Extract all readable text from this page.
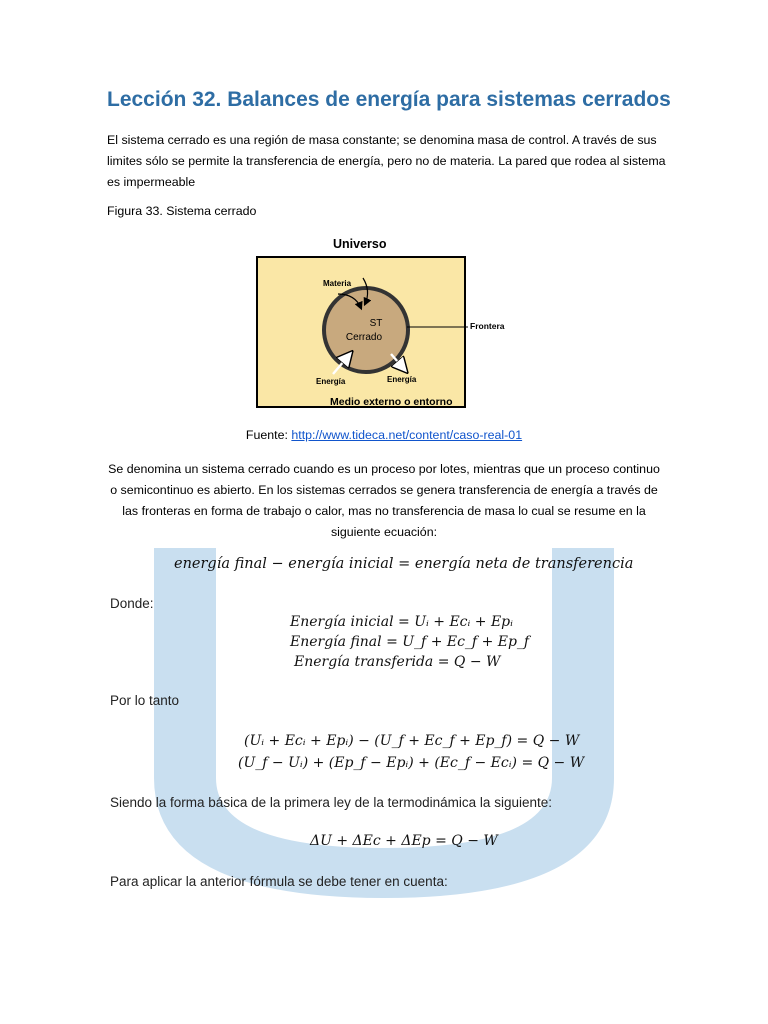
Lección 32. Balances de energía para sistemas cerrados

El sistema cerrado es una región de masa constante; se denomina masa de control. A través de sus limites sólo se permite la transferencia de energía, pero no de materia. La pared que rodea al sistema es impermeable

Figura 33. Sistema cerrado

Universo
Materia
ST
Cerrado
Frontera
Energía	Energía
Medio externo o entorno

Fuente: http://www.tideca.net/content/caso-real-01

Se denomina un sistema cerrado cuando es un proceso por lotes, mientras que un proceso continuo o semicontinuo es abierto. En los sistemas cerrados se genera transferencia de energía a través de las fronteras en forma de trabajo o calor, mas no transferencia de masa lo cual se resume en la siguiente ecuación:

energía final − energía inicial = energía neta de transferencia
Donde:
Energía inicial = Uᵢ + Ecᵢ + Epᵢ
Energía final = U_f + Ec_f + Ep_f
Energía transferida = Q − W
Por lo tanto
(Uᵢ + Ecᵢ + Epᵢ) − (U_f + Ec_f + Ep_f) = Q − W
(U_f − Uᵢ) + (Ep_f − Epᵢ) + (Ec_f − Ecᵢ) = Q − W
Siendo la forma básica de la primera ley de la termodinámica la siguiente:
ΔU + ΔEc + ΔEp = Q − W
Para aplicar la anterior fórmula se debe tener en cuenta:
